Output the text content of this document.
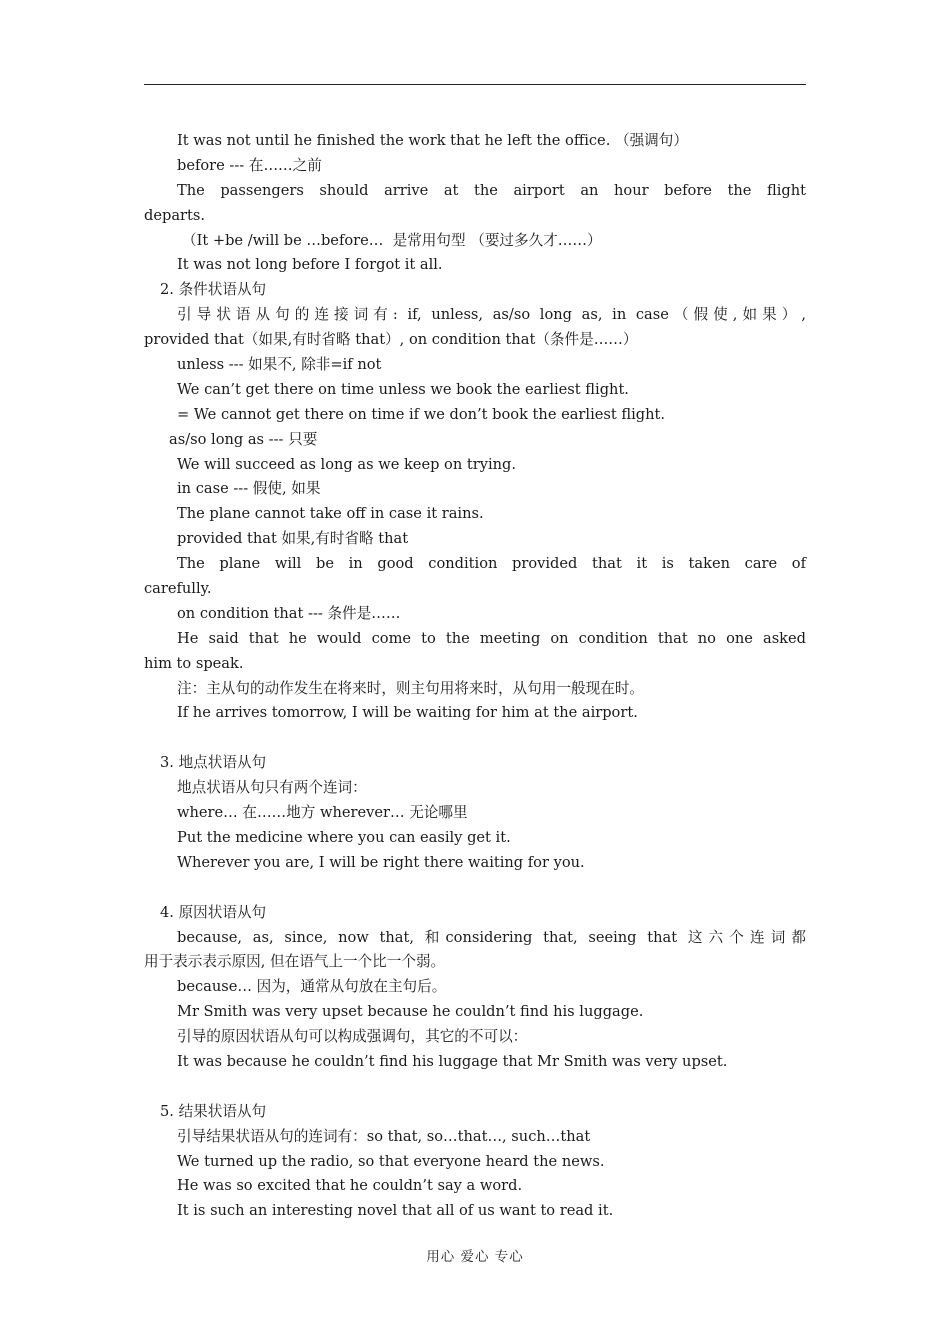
It was not until he finished the work that he left the office. （强调句）
before --- 在……之前
The passengers should arrive at the airport an hour before the flight
departs.
（It +be /will be …before…  是常用句型 （要过多久才……）
It was not long before I forgot it all.
2. 条件状语从句
引导状语从句的连接词有: if, unless, as/so long as, in case（假使,如果）,
provided that（如果,有时省略 that）, on condition that（条件是……）
unless --- 如果不, 除非=if not
We can’t get there on time unless we book the earliest flight.
= We cannot get there on time if we don’t book the earliest flight.
as/so long as --- 只要
We will succeed as long as we keep on trying.
in case --- 假使, 如果
The plane cannot take off in case it rains.
provided that 如果,有时省略 that
The plane will be in good condition provided that it is taken care of
carefully.
on condition that --- 条件是……
He said that he would come to the meeting on condition that no one asked
him to speak.
注：主从句的动作发生在将来时，则主句用将来时，从句用一般现在时。
If he arrives tomorrow, I will be waiting for him at the airport.
3. 地点状语从句
地点状语从句只有两个连词：
where… 在……地方 wherever… 无论哪里
Put the medicine where you can easily get it.
Wherever you are, I will be right there waiting for you.
4. 原因状语从句
because, as, since, now that, 和considering that, seeing that 这六个连词都
用于表示表示原因, 但在语气上一个比一个弱。
because… 因为，通常从句放在主句后。
Mr Smith was very upset because he couldn’t find his luggage.
引导的原因状语从句可以构成强调句，其它的不可以：
It was because he couldn’t find his luggage that Mr Smith was very upset.
5. 结果状语从句
引导结果状语从句的连词有：so that, so…that…, such…that
We turned up the radio, so that everyone heard the news.
He was so excited that he couldn’t say a word.
It is such an interesting novel that all of us want to read it.
用心 爱心 专心
